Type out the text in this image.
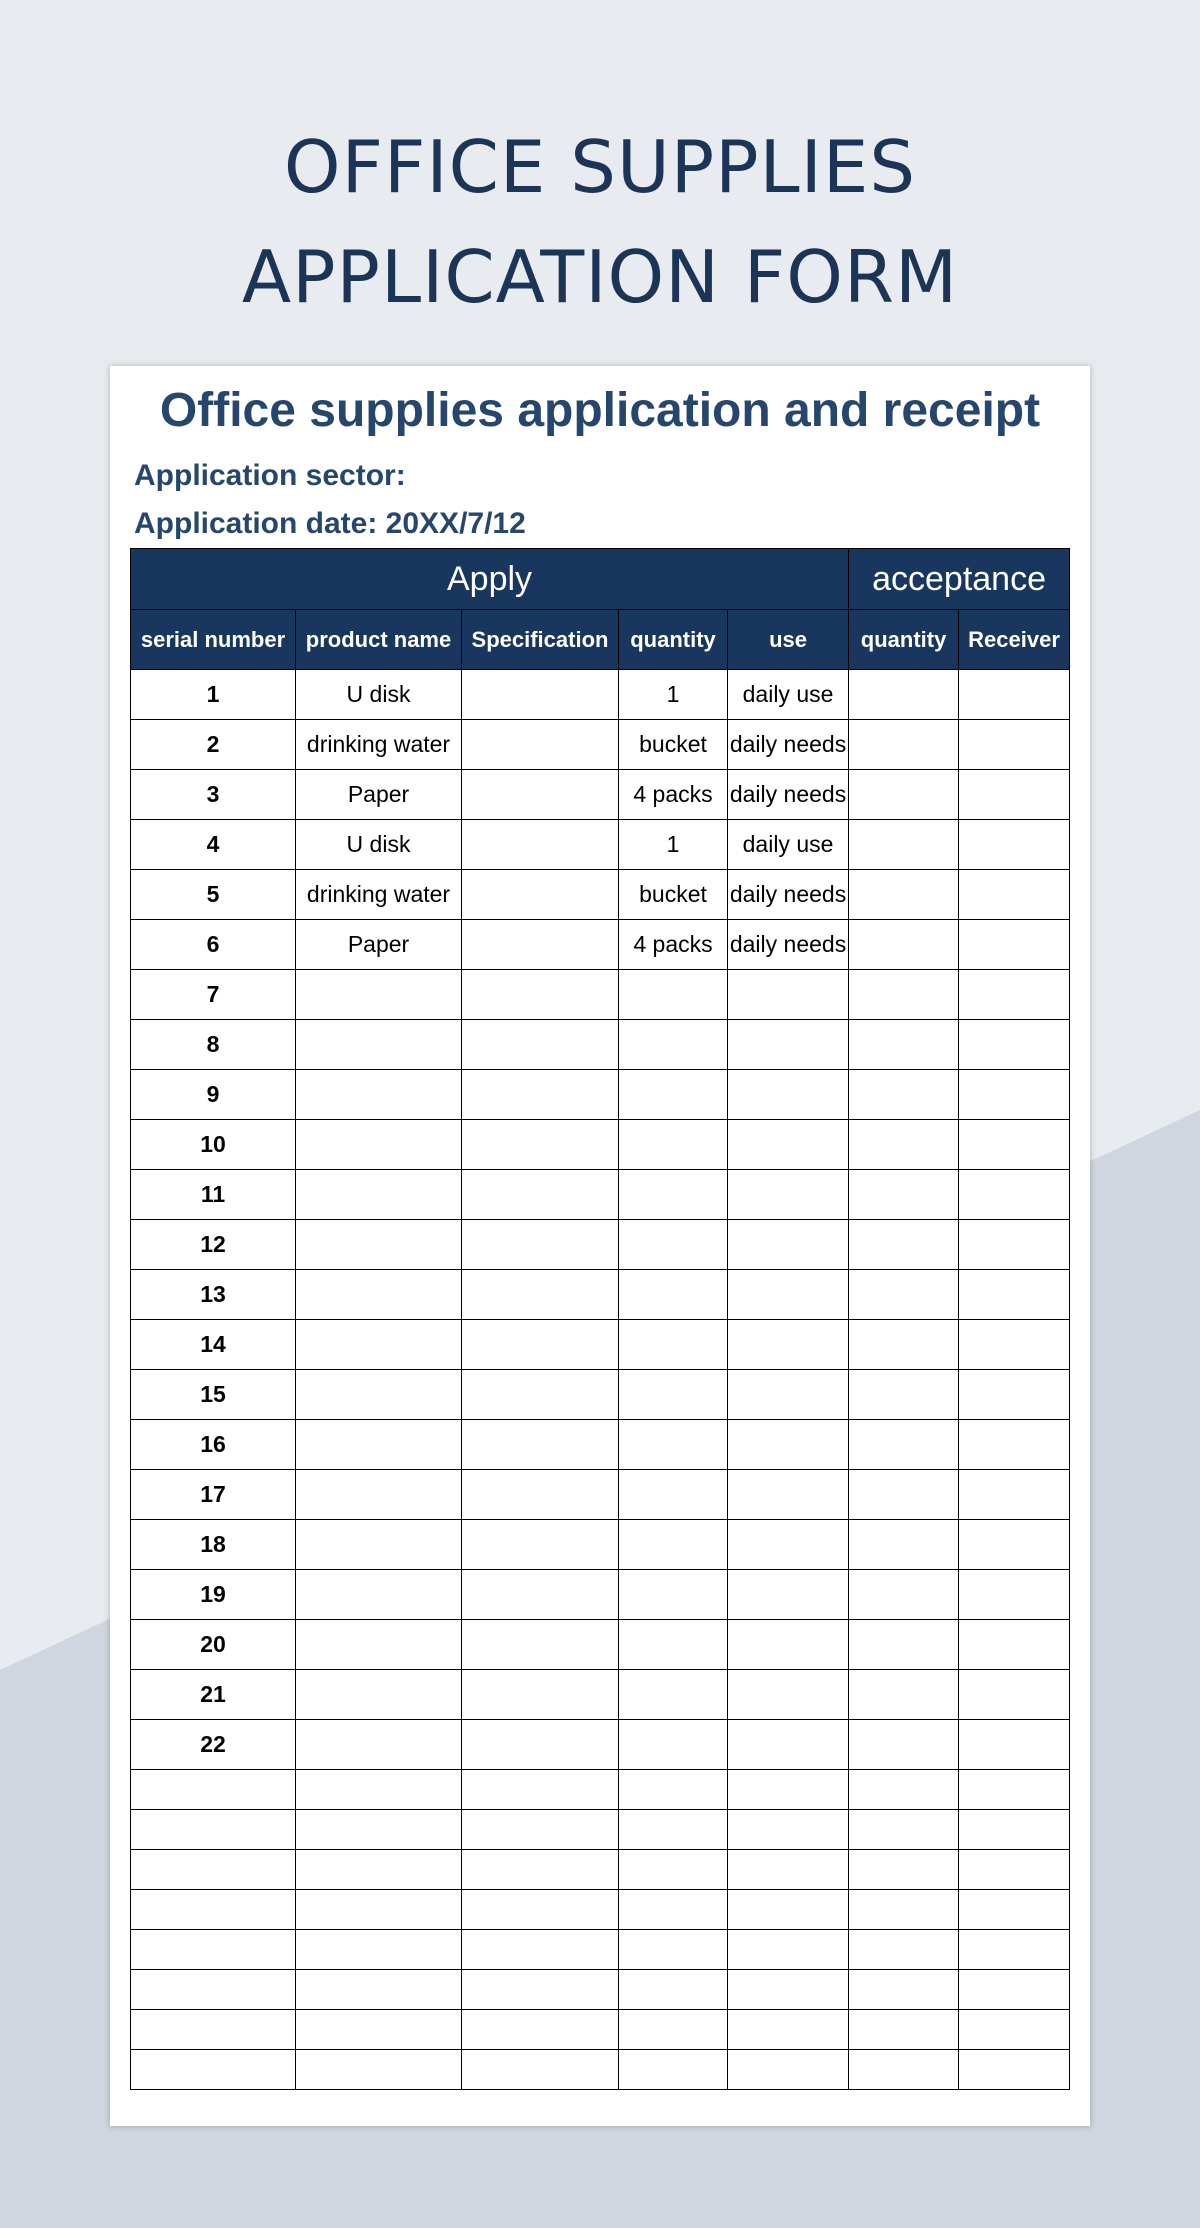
OFFICE SUPPLIES
APPLICATION FORM
Office supplies application and receipt
Application sector:
Application date: 20XX/7/12
Apply					acceptance	
serial number	product name	Specification	quantity	use	quantity	Receiver
1	U disk		1	daily use		
2	drinking water		bucket	daily needs		
3	Paper		4 packs	daily needs		
4	U disk		1	daily use		
5	drinking water		bucket	daily needs		
6	Paper		4 packs	daily needs		
7						
8						
9						
10						
11						
12						
13						
14						
15						
16						
17						
18						
19						
20						
21						
22						
